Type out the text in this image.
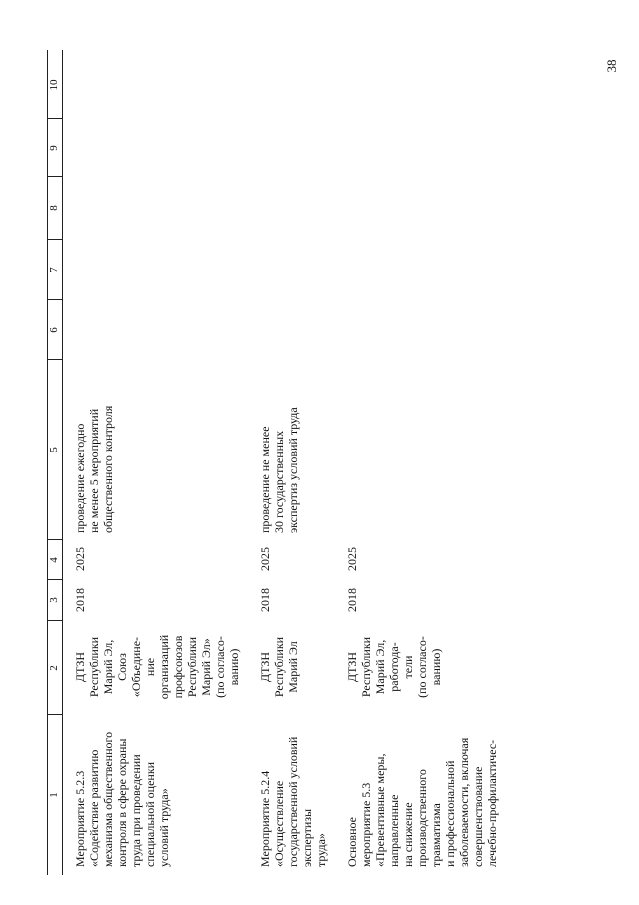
38
1
2
3
4
5
6
7
8
9
10
Мероприятие 5.2.3 «Содействие развитию механизма общественного контроля в сфере охраны труда при проведении специальной оценки условий труда»
ДТЗН Республики Марий Эл, Союз «Объедине- ние организаций профсоюзов Республики Марий Эл» (по согласо- ванию)
2018
2025
проведение ежегодно не менее 5 мероприятий общественного контроля
Мероприятие 5.2.4 «Осуществление государственной условий экспертизы труда»
ДТЗН Республики Марий Эл
2018
2025
проведение не менее 30 государственных экспертиз условий труда
Основное мероприятие 5.3 «Превентивные меры, направленные на снижение производственного травматизма и профессиональной заболеваемости, включая совершенствование лечебно-профилактичес-
ДТЗН Республики Марий Эл, работода- тели (по согласо- ванию)
2018
2025
